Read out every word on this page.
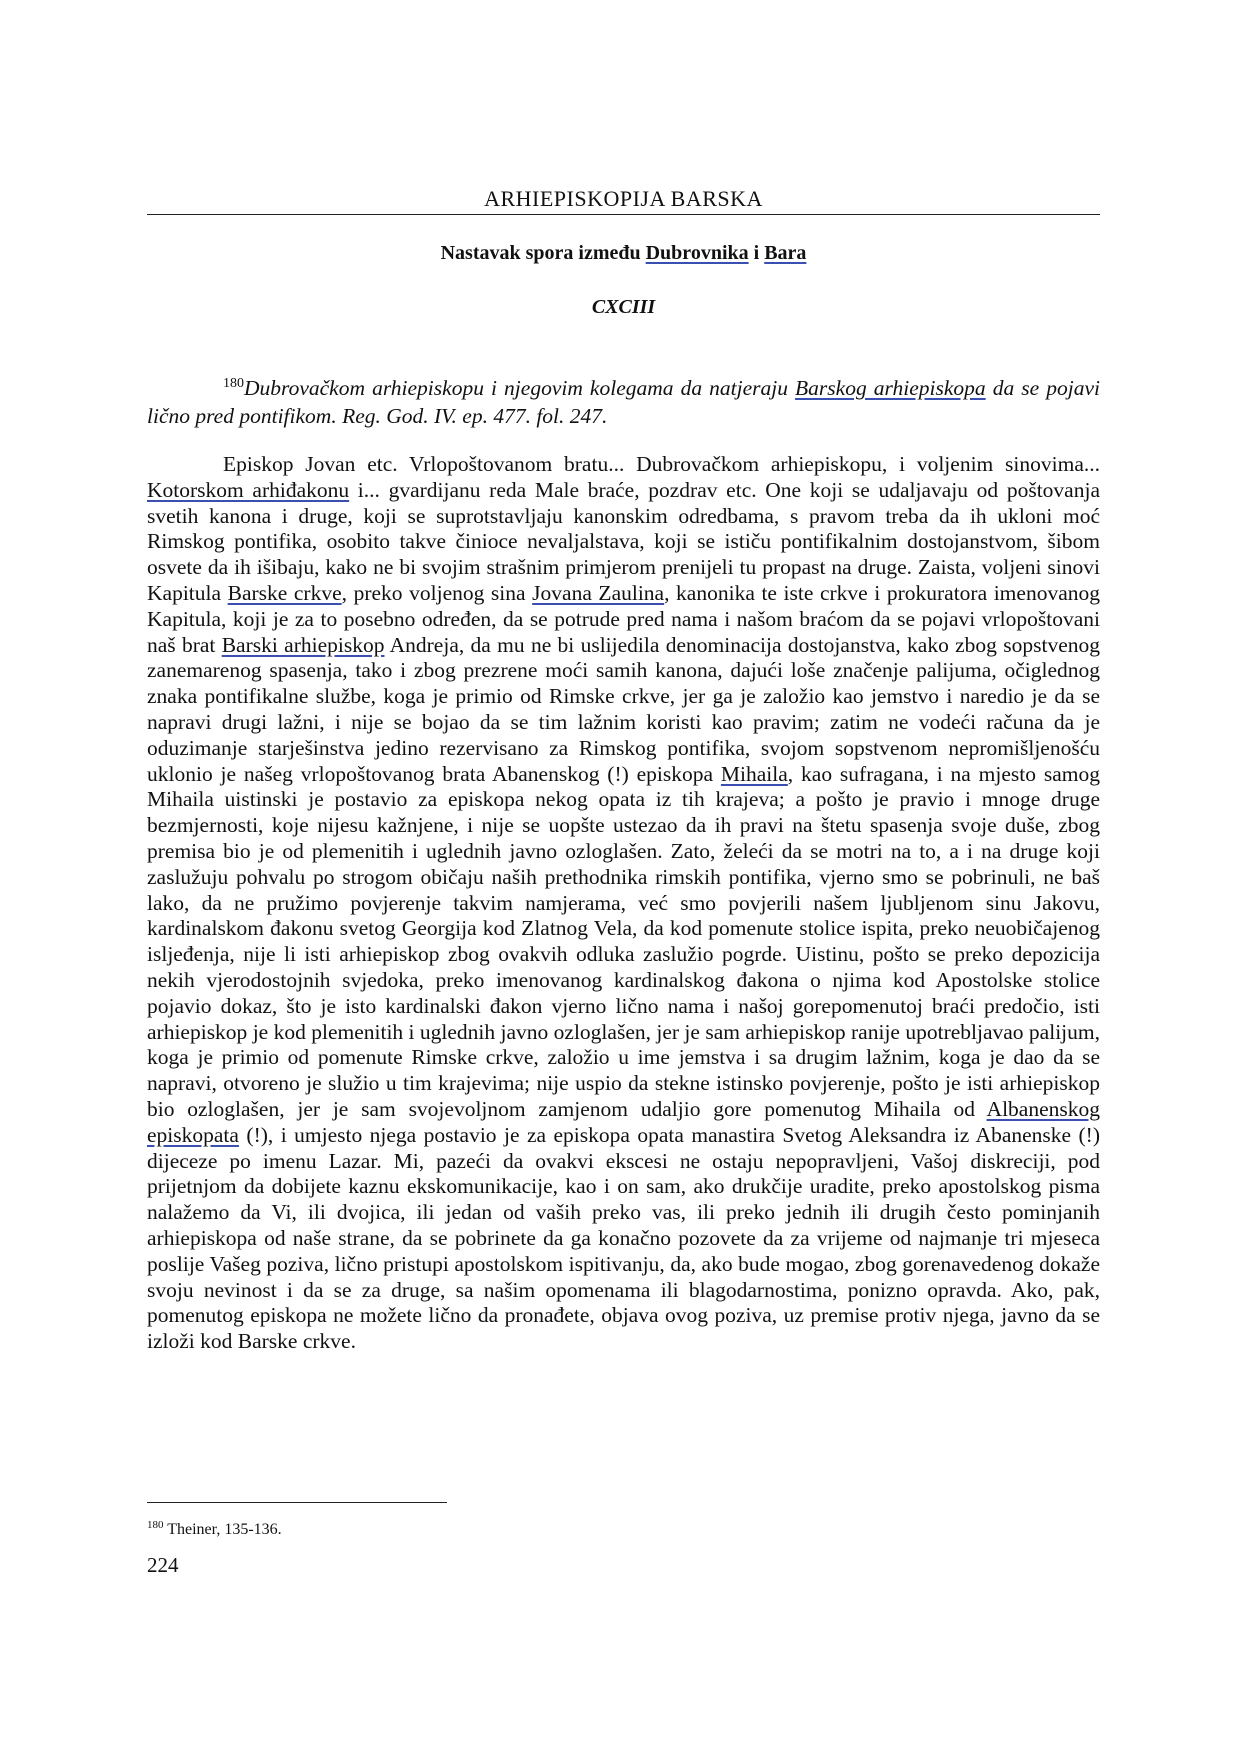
ARHIEPISKOPIJA BARSKA
Nastavak spora između Dubrovnika i Bara
CXCIII
$^{180}$Dubrovačkom arhiepiskopu i njegovim kolegama da natjeraju Barskog arhiepiskopa da se pojavi lično pred pontifikom. Reg. God. IV. ep. 477. fol. 247.
Episkop Jovan etc. Vrlopoštovanom bratu... Dubrovačkom arhiepiskopu, i voljenim sinovima... Kotorskom arhiđakonu i... gvardijanu reda Male braće, pozdrav etc. One koji se udaljavaju od poštovanja svetih kanona i druge, koji se suprotstavljaju kanonskim odredbama, s pravom treba da ih ukloni moć Rimskog pontifika, osobito takve činioce nevaljalstava, koji se ističu pontifikalnim dostojanstvom, šibom osvete da ih išibaju, kako ne bi svojim strašnim primjerom prenijeli tu propast na druge. Zaista, voljeni sinovi Kapitula Barske crkve, preko voljenog sina Jovana Zaulina, kanonika te iste crkve i prokuratora imenovanog Kapitula, koji je za to posebno određen, da se potrude pred nama i našom braćom da se pojavi vrlopoštovani naš brat Barski arhiepiskop Andreja, da mu ne bi uslijedila denominacija dostojanstva, kako zbog sopstvenog zanemarenog spasenja, tako i zbog prezrene moći samih kanona, dajući loše značenje palijuma, očiglednog znaka pontifikalne službe, koga je primio od Rimske crkve, jer ga je založio kao jemstvo i naredio je da se napravi drugi lažni, i nije se bojao da se tim lažnim koristi kao pravim; zatim ne vodeći računa da je oduzimanje starješinstva jedino rezervisano za Rimskog pontifika, svojom sopstvenom nepromišljenošću uklonio je našeg vrlopoštovanog brata Abanenskog (!) episkopa Mihaila, kao sufragana, i na mjesto samog Mihaila uistinski je postavio za episkopa nekog opata iz tih krajeva; a pošto je pravio i mnoge druge bezmjernosti, koje nijesu kažnjene, i nije se uopšte ustezao da ih pravi na štetu spasenja svoje duše, zbog premisa bio je od plemenitih i uglednih javno ozloglašen. Zato, želeći da se motri na to, a i na druge koji zaslužuju pohvalu po strogom običaju naših prethodnika rimskih pontifika, vjerno smo se pobrinuli, ne baš lako, da ne pružimo povjerenje takvim namjerama, već smo povjerili našem ljubljenom sinu Jakovu, kardinalskom đakonu svetog Georgija kod Zlatnog Vela, da kod pomenute stolice ispita, preko neuobičajenog isljeđenja, nije li isti arhiepiskop zbog ovakvih odluka zaslužio pogrde. Uistinu, pošto se preko depozicija nekih vjerodostojnih svjedoka, preko imenovanog kardinalskog đakona o njima kod Apostolske stolice pojavio dokaz, što je isto kardinalski đakon vjerno lično nama i našoj gorepomenutoj braći predočio, isti arhiepiskop je kod plemenitih i uglednih javno ozloglašen, jer je sam arhiepiskop ranije upotrebljavao palijum, koga je primio od pomenute Rimske crkve, založio u ime jemstva i sa drugim lažnim, koga je dao da se napravi, otvoreno je služio u tim krajevima; nije uspio da stekne istinsko povjerenje, pošto je isti arhiepiskop bio ozloglašen, jer je sam svojevoljnom zamjenom udaljio gore pomenutog Mihaila od Albanenskog episkopata (!), i umjesto njega postavio je za episkopa opata manastira Svetog Aleksandra iz Abanenske (!) dijeceze po imenu Lazar. Mi, pazeći da ovakvi ekscesi ne ostaju nepopravljeni, Vašoj diskreciji, pod prijetnjom da dobijete kaznu ekskomunikacije, kao i on sam, ako drukčije uradite, preko apostolskog pisma nalažemo da Vi, ili dvojica, ili jedan od vaših preko vas, ili preko jednih ili drugih često pominjanih arhiepiskopa od naše strane, da se pobrinete da ga konačno pozovete da za vrijeme od najmanje tri mjeseca poslije Vašeg poziva, lično pristupi apostolskom ispitivanju, da, ako bude mogao, zbog gorenavedenog dokaže svoju nevinost i da se za druge, sa našim opomenama ili blagodarnostima, ponizno opravda. Ako, pak, pomenutog episkopa ne možete lično da pronađete, objava ovog poziva, uz premise protiv njega, javno da se izloži kod Barske crkve.
$^{180}$ Theiner, 135-136.
224
